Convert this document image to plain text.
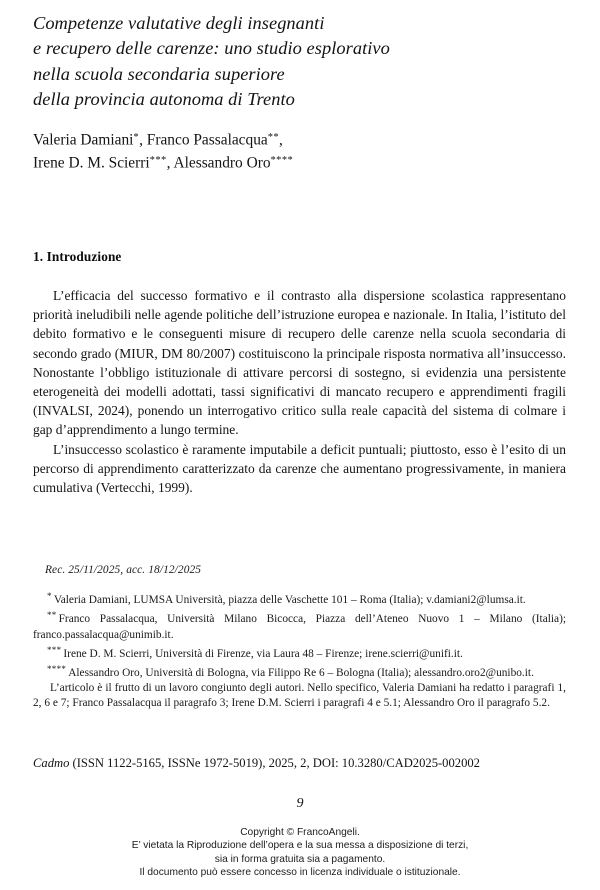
Competenze valutative degli insegnanti
e recupero delle carenze: uno studio esplorativo
nella scuola secondaria superiore
della provincia autonoma di Trento
Valeria Damiani*, Franco Passalacqua**,
Irene D. M. Scierri***, Alessandro Oro****
1. Introduzione

L’efficacia del successo formativo e il contrasto alla dispersione scolastica rappresentano priorità ineludibili nelle agende politiche dell’istruzione europea e nazionale. In Italia, l’istituto del debito formativo e le conseguenti misure di recupero delle carenze nella scuola secondaria di secondo grado (MIUR, DM 80/2007) costituiscono la principale risposta normativa all’insuccesso. Nonostante l’obbligo istituzionale di attivare percorsi di sostegno, si evidenzia una persistente eterogeneità dei modelli adottati, tassi significativi di mancato recupero e apprendimenti fragili (INVALSI, 2024), ponendo un interrogativo critico sulla reale capacità del sistema di colmare i gap d’apprendimento a lungo termine.

L’insuccesso scolastico è raramente imputabile a deficit puntuali; piuttosto, esso è l’esito di un percorso di apprendimento caratterizzato da carenze che aumentano progressivamente, in maniera cumulativa (Vertecchi, 1999).

Rec. 25/11/2025, acc. 18/12/2025

* Valeria Damiani, LUMSA Università, piazza delle Vaschette 101 – Roma (Italia); v.damiani2@lumsa.it.

** Franco Passalacqua, Università Milano Bicocca, Piazza dell’Ateneo Nuovo 1 – Milano (Italia); franco.passalacqua@unimib.it.

*** Irene D. M. Scierri, Università di Firenze, via Laura 48 – Firenze; irene.scierri@unifi.it.

**** Alessandro Oro, Università di Bologna, via Filippo Re 6 – Bologna (Italia); alessandro.oro2@unibo.it.

L’articolo è il frutto di un lavoro congiunto degli autori. Nello specifico, Valeria Damiani ha redatto i paragrafi 1, 2, 6 e 7; Franco Passalacqua il paragrafo 3; Irene D.M. Scierri i paragrafi 4 e 5.1; Alessandro Oro il paragrafo 5.2.

Cadmo (ISSN 1122-5165, ISSNe 1972-5019), 2025, 2, DOI: 10.3280/CAD2025-002002
9
Copyright © FrancoAngeli.
E’ vietata la Riproduzione dell’opera e la sua messa a disposizione di terzi,
sia in forma gratuita sia a pagamento.
Il documento può essere concesso in licenza individuale o istituzionale.
